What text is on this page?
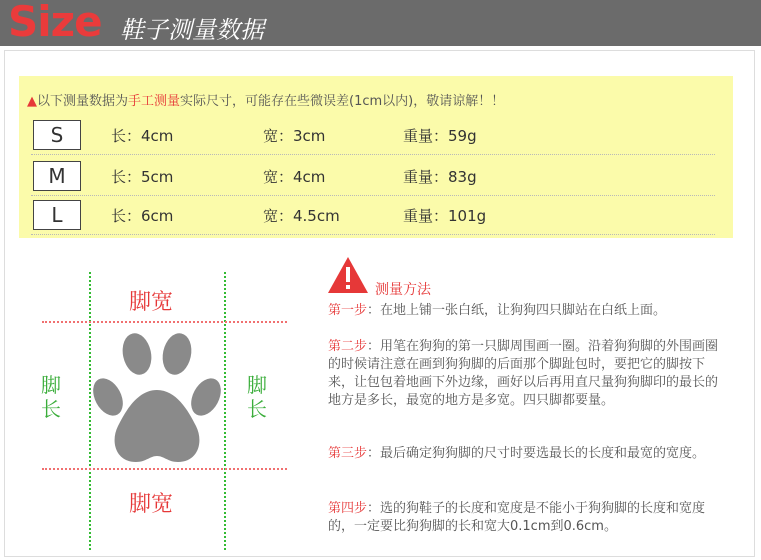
Size 鞋子测量数据
▲以下测量数据为手工测量实际尺寸，可能存在些微误差(1cm以内)，敬请谅解！！
S	长：4cm	宽：3cm	重量：59g
M	长：5cm	宽：4cm	重量：83g
L	长：6cm	宽：4.5cm	重量：101g
脚宽
脚宽
脚长
脚长
测量方法
第一步：在地上铺一张白纸，让狗狗四只脚站在白纸上面。
第二步：用笔在狗狗的第一只脚周围画一圈。沿着狗狗脚的外围画圈的时候请注意在画到狗狗脚的后面那个脚趾包时，要把它的脚按下来，让包包着地画下外边缘，画好以后再用直尺量狗狗脚印的最长的地方是多长，最宽的地方是多宽。四只脚都要量。
第三步：最后确定狗狗脚的尺寸时要选最长的长度和最宽的宽度。
第四步：选的狗鞋子的长度和宽度是不能小于狗狗脚的长度和宽度的，一定要比狗狗脚的长和宽大0.1cm到0.6cm。
